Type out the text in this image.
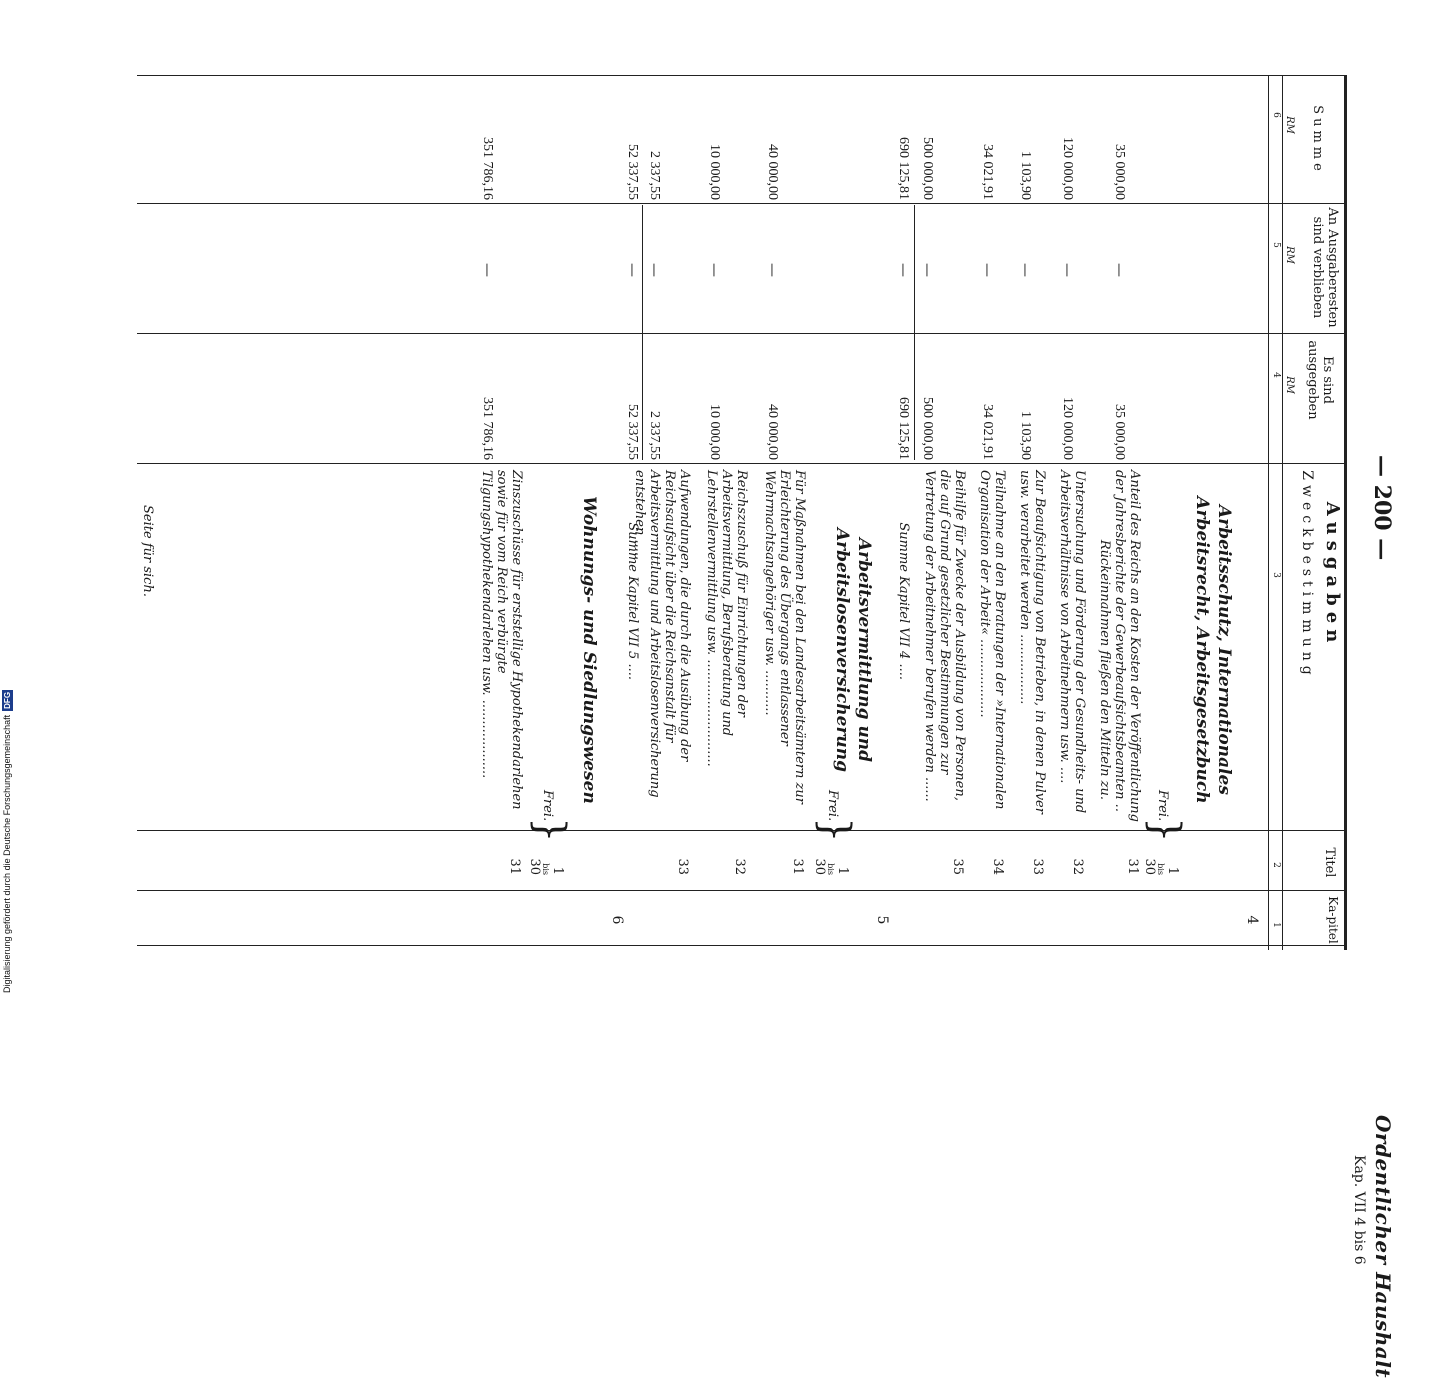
— 200 —
Ordentlicher Haushalt
Kap. VII 4 bis 6
Ka-pitel
Titel
Ausgaben
Zweckbestimmung
Es sind ausgegeben
An Ausgaberesten sind verblieben
Summe
RM
RM
RM
1
2
3
4
5
6
4
Arbeitsschutz, Internationales Arbeitsrecht, Arbeitsgesetzbuch
1
bis
30
}
Frei.
31
Anteil des Reichs an den Kosten der Veröffentlichung der Jahresberichte der Gewerbeaufsichtsbeamten ..
Rückeinnahmen fließen den Mitteln zu.
35 000,00
—
35 000,00
32
Untersuchung und Förderung der Gesundheits- und Arbeitsverhältnisse von Arbeitnehmern usw. ....
120 000,00
—
120 000,00
33
Zur Beaufsichtigung von Betrieben, in denen Pulver usw. verarbeitet werden .................
1 103,90
—
1 103,90
34
Teilnahme an den Beratungen der »Internationalen Organisation der Arbeit« ...................
34 021,91
—
34 021,91
35
Beihilfe für Zwecke der Ausbildung von Personen, die auf Grund gesetzlicher Bestimmungen zur Vertretung der Arbeitnehmer berufen werden ......
500 000,00
—
500 000,00
Summe Kapitel VII 4 ....
690 125,81
—
690 125,81
5
Arbeitsvermittlung und Arbeitslosenversicherung
1
bis
30
}
Frei.
31
Für Maßnahmen bei den Landesarbeitsämtern zur Erleichterung des Übergangs entlassener Wehrmachtsangehöriger usw. ...........
40 000,00
—
40 000,00
32
Reichszuschuß für Einrichtungen der Arbeitsvermittlung, Berufsberatung und Lehrstellenvermittlung usw. ..........................
10 000,00
—
10 000,00
33
Aufwendungen, die durch die Ausübung der Reichsaufsicht über die Reichsanstalt für Arbeitsvermittlung und Arbeitslosenversicherung entstehen .....
2 337,55
—
2 337,55
Summe Kapitel VII 5 ....
52 337,55
—
52 337,55
6
Wohnungs- und Siedlungswesen
1
bis
30
}
Frei.
31
Zinszuschüsse für erststellige Hypothekendarlehen sowie für vom Reich verbürgte Tilgungshypothekendarlehen usw. ...................
351 786,16
—
351 786,16
Seite für sich.
Digitalisierung gefördert durch die Deutsche ForschungsgemeinschaftDFG
